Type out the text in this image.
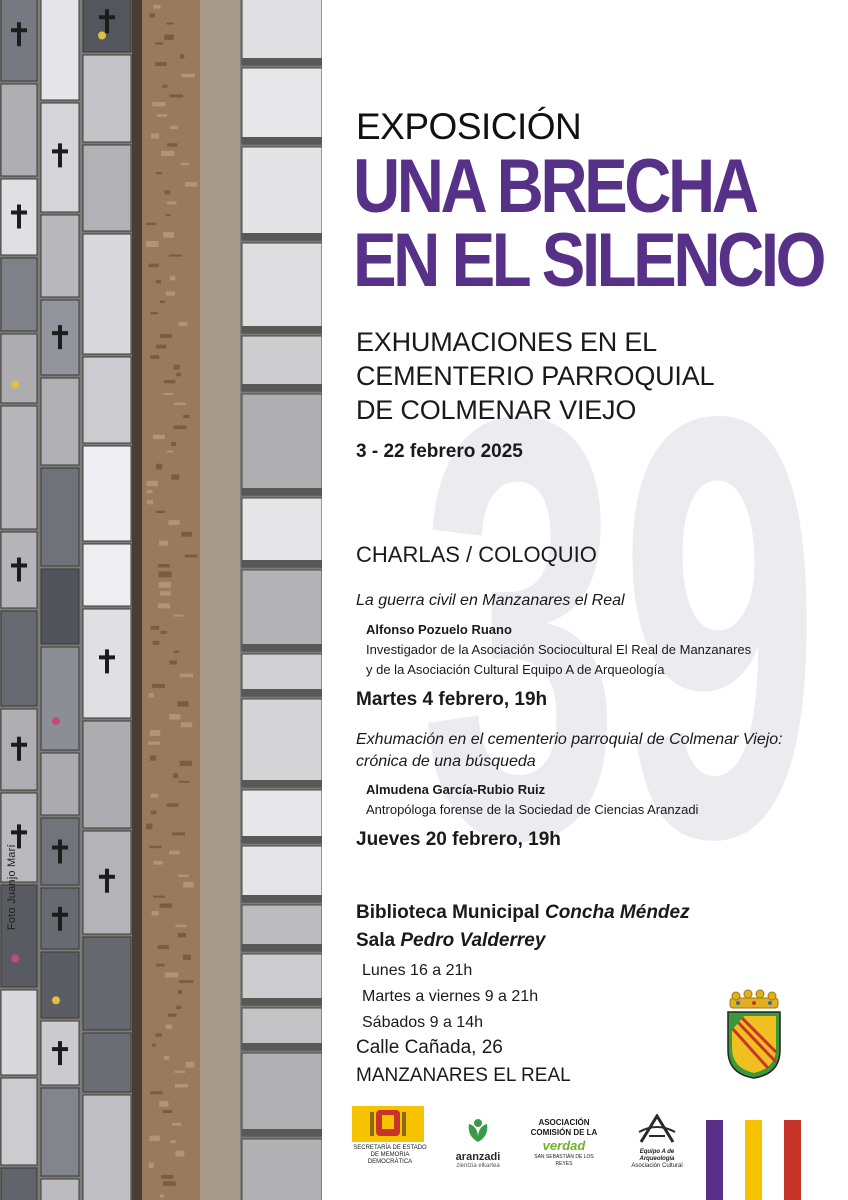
Foto Juanjo Marí 39
EXPOSICIÓN
UNA BRECHA
EN EL SILENCIO
EXHUMACIONES EN EL
CEMENTERIO PARROQUIAL
DE COLMENAR VIEJO
3 - 22 febrero 2025
CHARLAS / COLOQUIO
La guerra civil en Manzanares el Real
Alfonso Pozuelo Ruano
Investigador de la Asociación Sociocultural El Real de Manzanares
y de la Asociación Cultural Equipo A de Arqueología
Martes 4 febrero, 19h
Exhumación en el cementerio parroquial de Colmenar Viejo:
crónica de una búsqueda
Almudena García-Rubio Ruiz
Antropóloga forense de la Sociedad de Ciencias Aranzadi
Jueves 20 febrero, 19h
Biblioteca Municipal Concha Méndez
Sala Pedro Valderrey
Lunes 16 a 21h
Martes a viernes 9 a 21h
Sábados 9 a 14h
Calle Cañada, 26
MANZANARES EL REAL
SECRETARÍA DE ESTADO
DE MEMORIA
DEMOCRÁTICA	aranzadi
zientzia elkartea
ASOCIACIÓN
COMISIÓN DE LA
verdad
SAN SEBASTIÁN DE LOS REYES
Equipo A de Arqueología
Asociación Cultural
